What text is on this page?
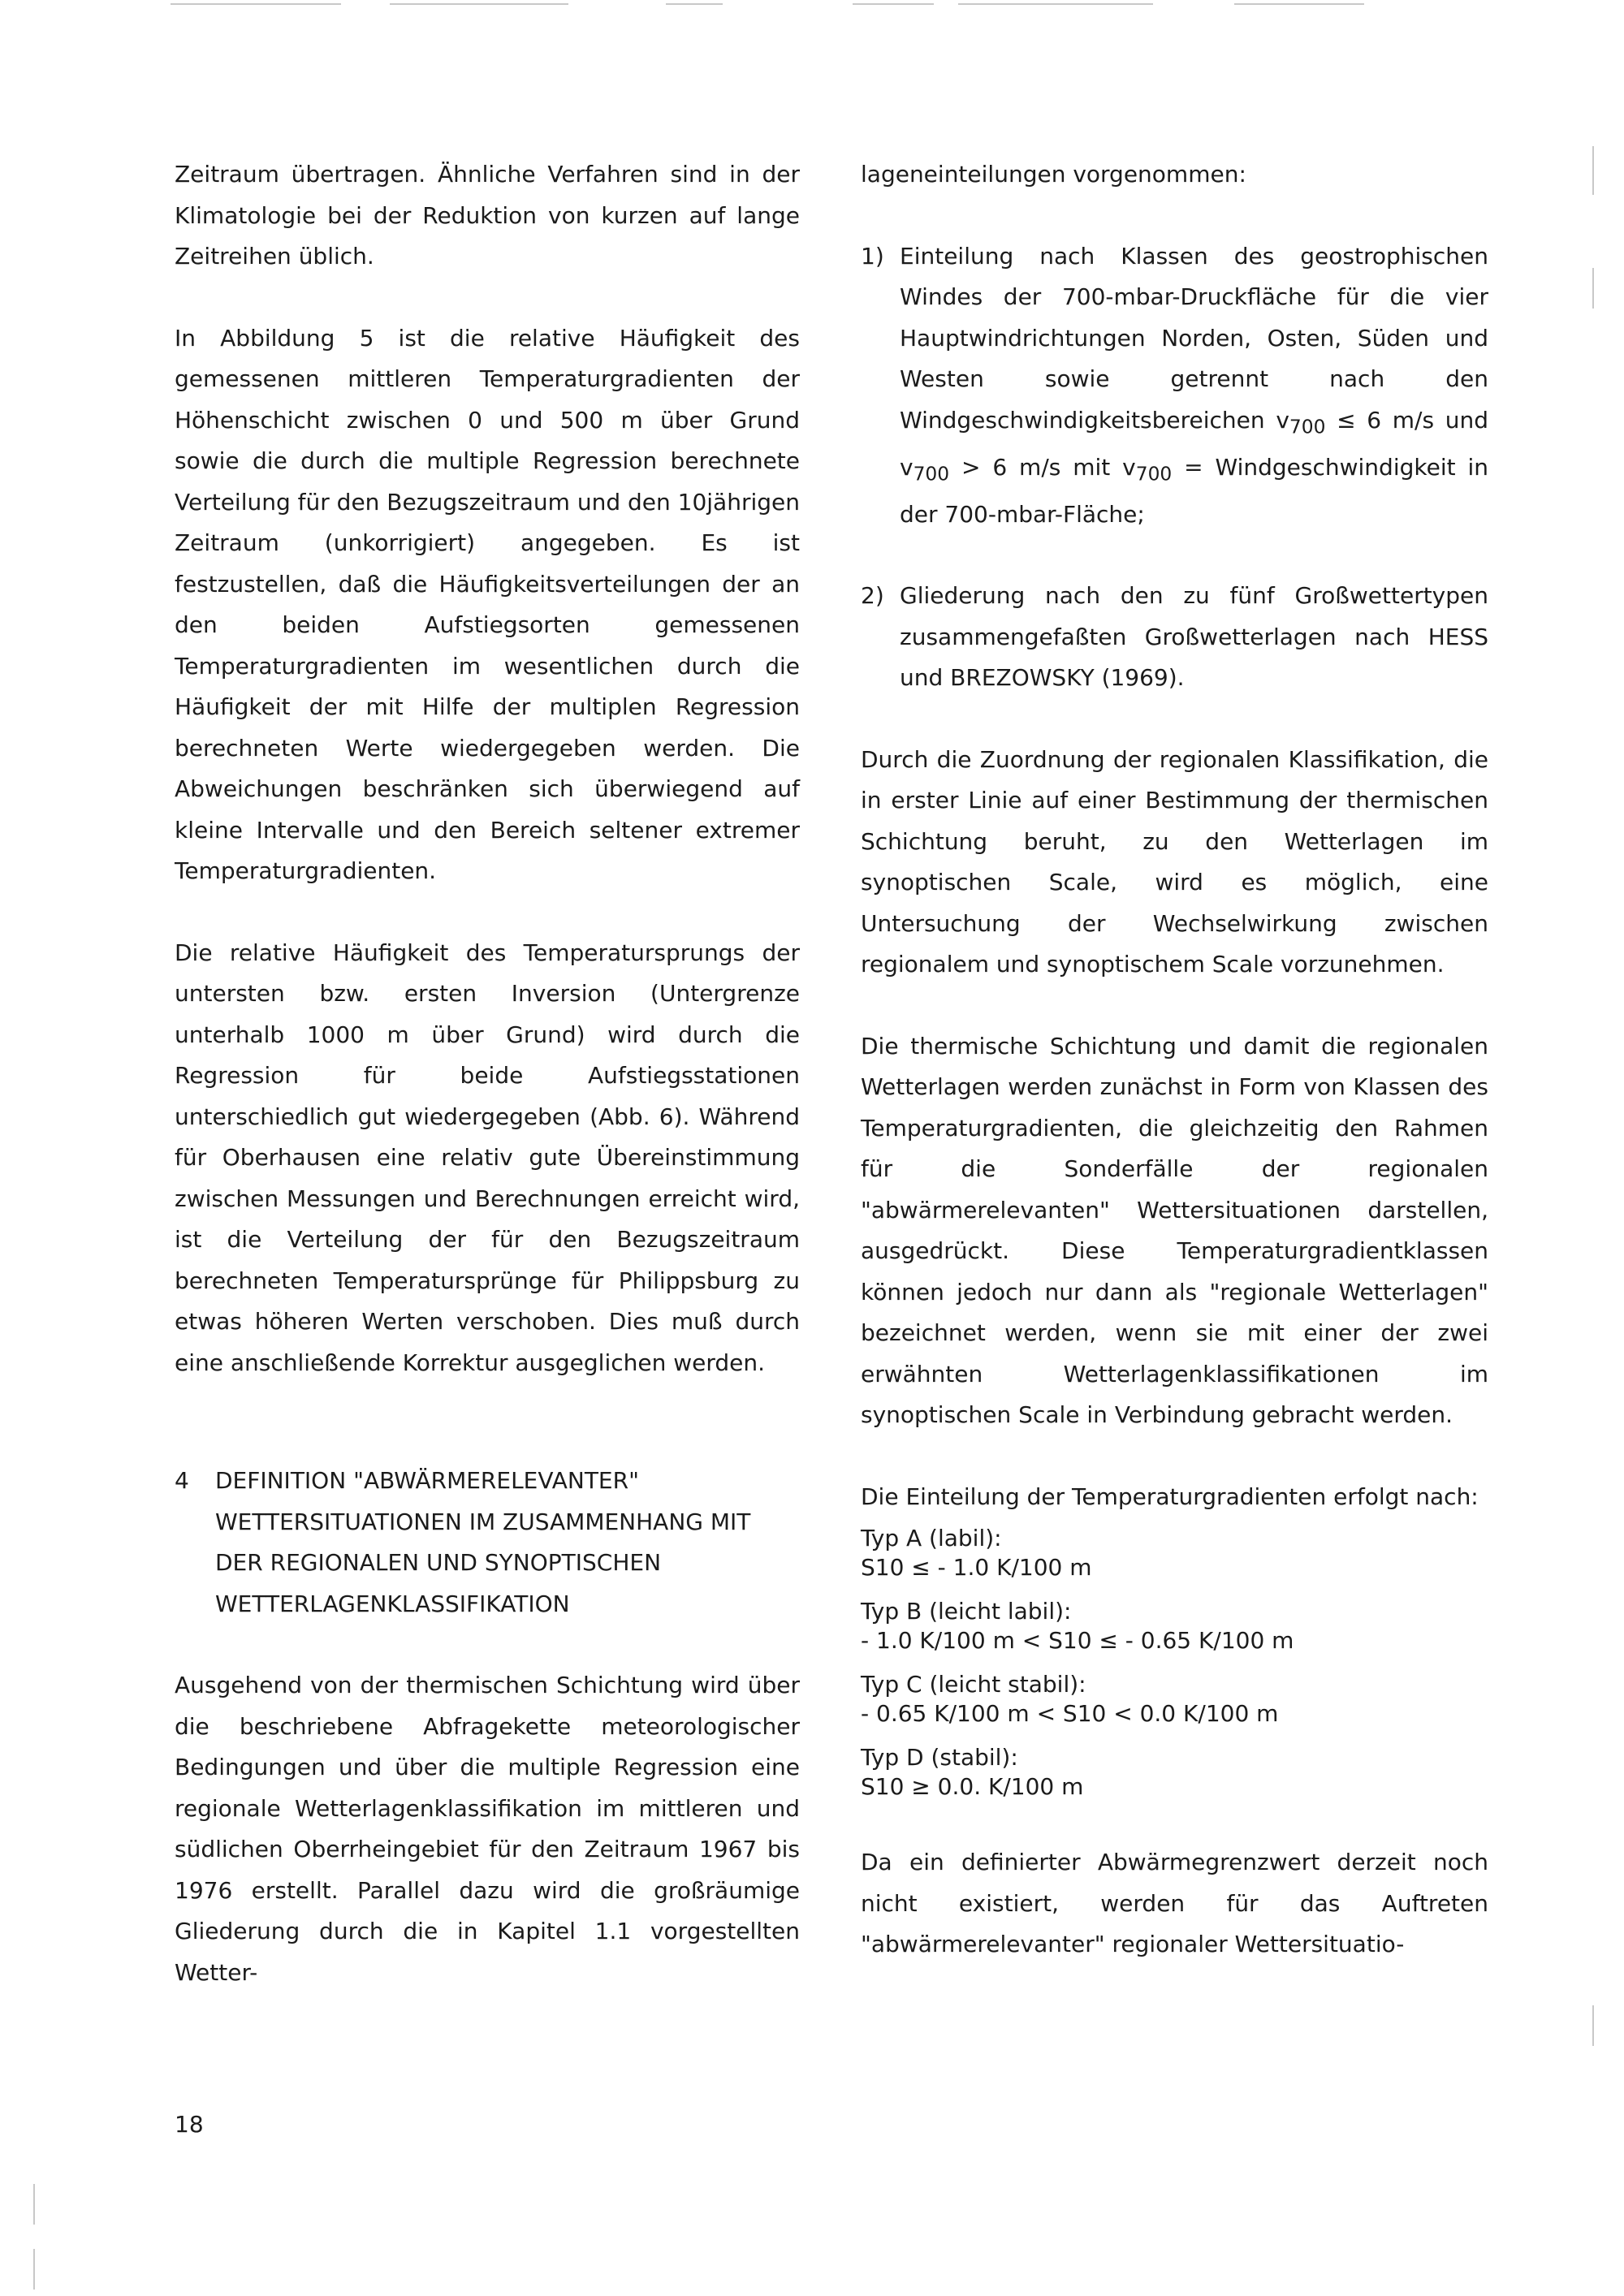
Zeitraum übertragen. Ähnliche Verfahren sind in der Klimatologie bei der Reduktion von kurzen auf lange Zeitreihen üblich.

In Abbildung 5 ist die relative Häufigkeit des gemessenen mittleren Temperaturgradienten der Höhenschicht zwischen 0 und 500 m über Grund sowie die durch die multiple Regression berechnete Verteilung für den Bezugszeitraum und den 10jährigen Zeitraum (unkorrigiert) angegeben. Es ist festzustellen, daß die Häufigkeitsverteilungen der an den beiden Aufstiegsorten gemessenen Temperaturgradienten im wesentlichen durch die Häufigkeit der mit Hilfe der multiplen Regression berechneten Werte wiedergegeben werden. Die Abweichungen beschränken sich überwiegend auf kleine Intervalle und den Bereich seltener extremer Temperaturgradienten.

Die relative Häufigkeit des Temperatursprungs der untersten bzw. ersten Inversion (Untergrenze unterhalb 1000 m über Grund) wird durch die Regression für beide Aufstiegsstationen unterschiedlich gut wiedergegeben (Abb. 6). Während für Oberhausen eine relativ gute Übereinstimmung zwischen Messungen und Berechnungen erreicht wird, ist die Verteilung der für den Bezugszeitraum berechneten Temperatursprünge für Philippsburg zu etwas höheren Werten verschoben. Dies muß durch eine anschließende Korrektur ausgeglichen werden.

4 DEFINITION "ABWÄRMERELEVANTER" WETTERSITUATIONEN IM ZUSAMMENHANG MIT DER REGIONALEN UND SYNOPTISCHEN WETTERLAGENKLASSIFIKATION

Ausgehend von der thermischen Schichtung wird über die beschriebene Abfragekette meteorologischer Bedingungen und über die multiple Regression eine regionale Wetterlagenklassifikation im mittleren und südlichen Oberrheingebiet für den Zeitraum 1967 bis 1976 erstellt. Parallel dazu wird die großräumige Gliederung durch die in Kapitel 1.1 vorgestellten Wetter-

lageneinteilungen vorgenommen:

1) Einteilung nach Klassen des geostrophischen Windes der 700-mbar-Druckfläche für die vier Hauptwindrichtungen Norden, Osten, Süden und Westen sowie getrennt nach den Windgeschwindigkeitsbereichen $v_{700} \le 6$ m/s und $v_{700} > 6$ m/s mit $v_{700}$ = Windgeschwindigkeit in der 700-mbar-Fläche;
2) Gliederung nach den zu fünf Großwettertypen zusammengefaßten Großwetterlagen nach HESS und BREZOWSKY (1969).

Durch die Zuordnung der regionalen Klassifikation, die in erster Linie auf einer Bestimmung der thermischen Schichtung beruht, zu den Wetterlagen im synoptischen Scale, wird es möglich, eine Untersuchung der Wechselwirkung zwischen regionalem und synoptischem Scale vorzunehmen.

Die thermische Schichtung und damit die regionalen Wetterlagen werden zunächst in Form von Klassen des Temperaturgradienten, die gleichzeitig den Rahmen für die Sonderfälle der regionalen "abwärmerelevanten" Wettersituationen darstellen, ausgedrückt. Diese Temperaturgradientklassen können jedoch nur dann als "regionale Wetterlagen" bezeichnet werden, wenn sie mit einer der zwei erwähnten Wetterlagenklassifikationen im synoptischen Scale in Verbindung gebracht werden.

Die Einteilung der Temperaturgradienten erfolgt nach:

Typ A (labil):
S10 ≤ - 1.0 K/100 m
Typ B (leicht labil):
- 1.0 K/100 m < S10 ≤ - 0.65 K/100 m
Typ C (leicht stabil):
- 0.65 K/100 m < S10 < 0.0 K/100 m
Typ D (stabil):
S10 ≥ 0.0. K/100 m

Da ein definierter Abwärmegrenzwert derzeit noch nicht existiert, werden für das Auftreten "abwärmerelevanter" regionaler Wettersituatio-

18
